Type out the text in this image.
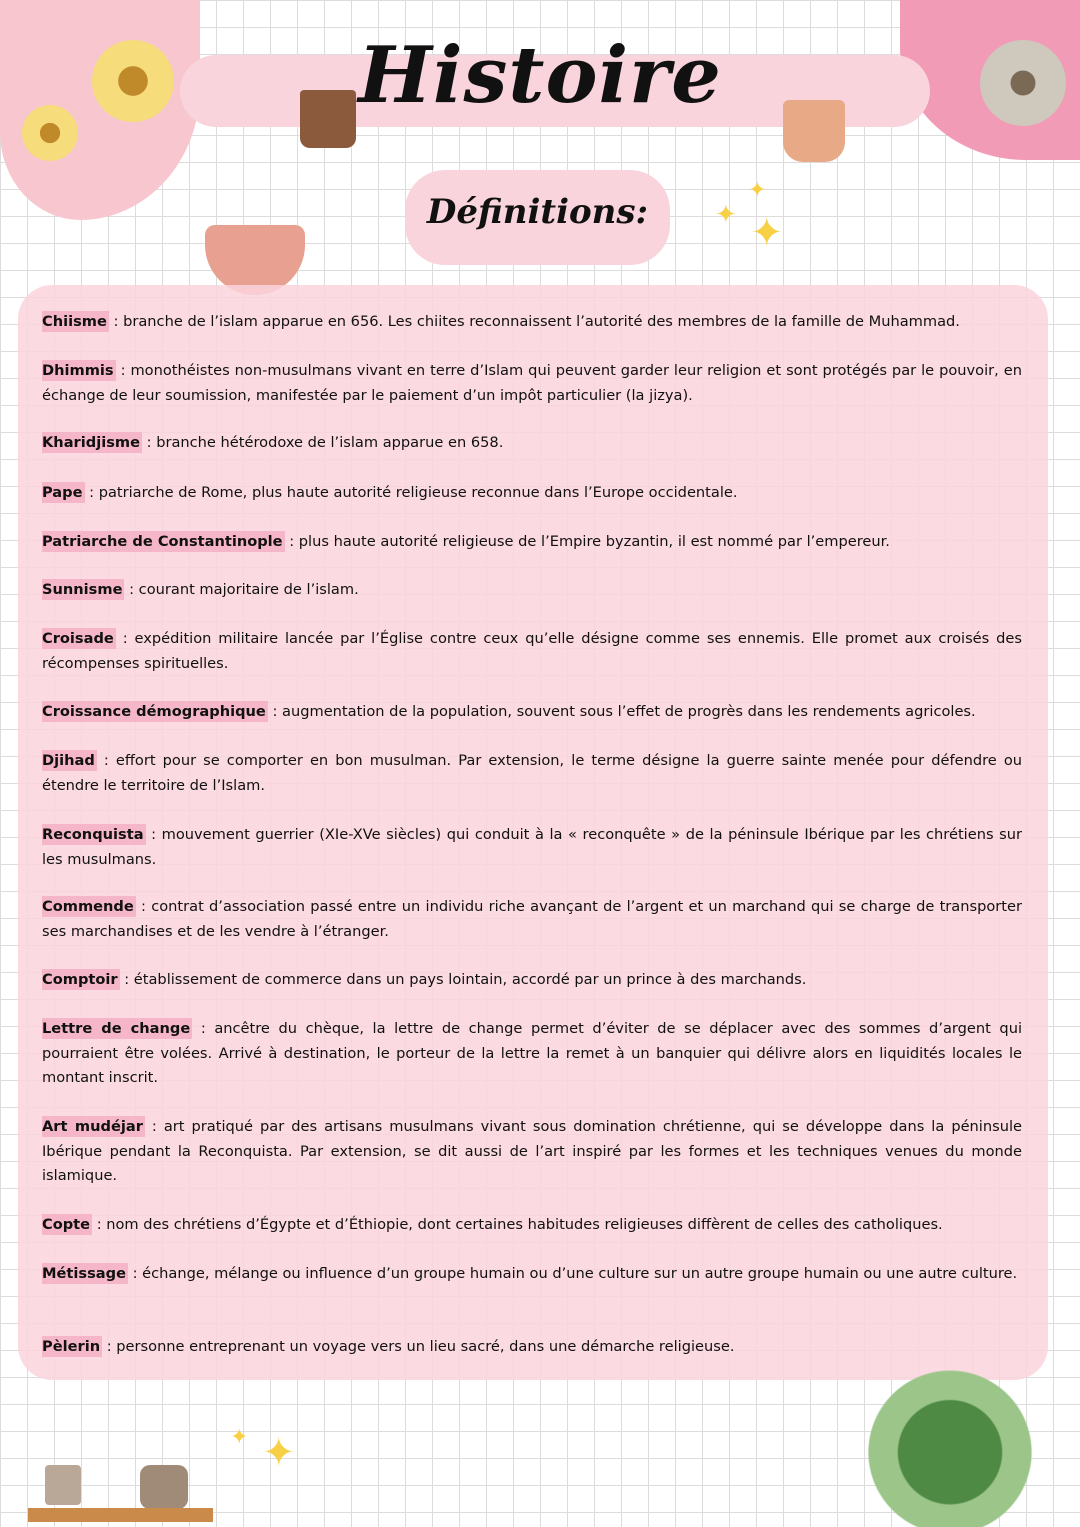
Histoire
Définitions:	✦
✦
✦
Chiisme : branche de l’islam apparue en 656. Les chiites reconnaissent l’autorité des membres de la famille de Muhammad.
Dhimmis : monothéistes non-musulmans vivant en terre d’Islam qui peuvent garder leur religion et sont protégés par le pouvoir, en échange de leur soumission, manifestée par le paiement d’un impôt particulier (la jizya).
Kharidjisme : branche hétérodoxe de l’islam apparue en 658.
Pape : patriarche de Rome, plus haute autorité religieuse reconnue dans l’Europe occidentale.
Patriarche de Constantinople : plus haute autorité religieuse de l’Empire byzantin, il est nommé par l’empereur.
Sunnisme : courant majoritaire de l’islam.
Croisade : expédition militaire lancée par l’Église contre ceux qu’elle désigne comme ses ennemis. Elle promet aux croisés des récompenses spirituelles.
Croissance démographique : augmentation de la population, souvent sous l’effet de progrès dans les rendements agricoles.
Djihad : effort pour se comporter en bon musulman. Par extension, le terme désigne la guerre sainte menée pour défendre ou étendre le territoire de l’Islam.
Reconquista : mouvement guerrier (XIe-XVe siècles) qui conduit à la « reconquête » de la péninsule Ibérique par les chrétiens sur les musulmans.
Commende : contrat d’association passé entre un individu riche avançant de l’argent et un marchand qui se charge de transporter ses marchandises et de les vendre à l’étranger.
Comptoir : établissement de commerce dans un pays lointain, accordé par un prince à des marchands.
Lettre de change : ancêtre du chèque, la lettre de change permet d’éviter de se déplacer avec des sommes d’argent qui pourraient être volées. Arrivé à destination, le porteur de la lettre la remet à un banquier qui délivre alors en liquidités locales le montant inscrit.
Art mudéjar : art pratiqué par des artisans musulmans vivant sous domination chrétienne, qui se développe dans la péninsule Ibérique pendant la Reconquista. Par extension, se dit aussi de l’art inspiré par les formes et les techniques venues du monde islamique.
Copte : nom des chrétiens d’Égypte et d’Éthiopie, dont certaines habitudes religieuses diffèrent de celles des catholiques.
Métissage : échange, mélange ou influence d’un groupe humain ou d’une culture sur un autre groupe humain ou une autre culture.
Pèlerin : personne entreprenant un voyage vers un lieu sacré, dans une démarche religieuse.
✦
✦
